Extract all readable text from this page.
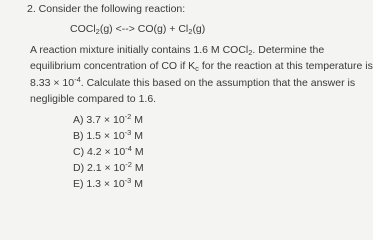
2. Consider the following reaction:
COCl$_2$(g) <--> $CO(g) + Cl_2(g)$
A reaction mixture initially contains 1.6 M COCl$_2$. Determine the
equilibrium concentration of CO if $K_c$ for the reaction at this temperature is
$8.33 \times 10^{-4}$. Calculate this based on the assumption that the answer is
negligible compared to 1.6.
A) $3.7 \times 10^{-2}$ M
B) $1.5 \times 10^{-3}$ M
C) $4.2 \times 10^{-4}$ M
D) $2.1 \times 10^{-2}$ M
E) $1.3 \times 10^{-3}$ M
